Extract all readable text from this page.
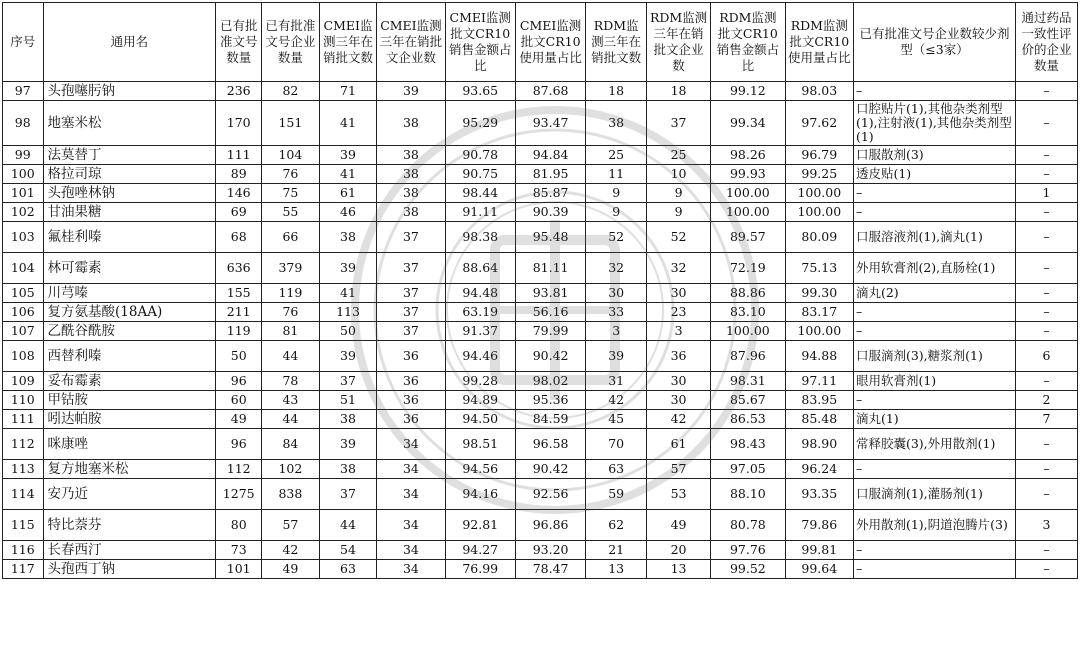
序号	通用名	已有批准文号数量	已有批准文号企业数量	CMEI监测三年在销批文数	CMEI监测三年在销批文企业数	CMEI监测批文CR10销售金额占比	CMEI监测批文CR10使用量占比	RDM监测三年在销批文数	RDM监测三年在销批文企业数	RDM监测批文CR10销售金额占比	RDM监测批文CR10使用量占比	已有批准文号企业数较少剂型（≤3家）	通过药品一致性评价的企业数量
97	头孢噻肟钠	236	82	71	39	93.65	87.68	18	18	99.12	98.03	–	–
98	地塞米松	170	151	41	38	95.29	93.47	38	37	99.34	97.62	口腔贴片(1),其他杂类剂型(1),注射液(1),其他杂类剂型(1)	–
99	法莫替丁	111	104	39	38	90.78	94.84	25	25	98.26	96.79	口服散剂(3)	–
100	格拉司琼	89	76	41	38	90.75	81.95	11	10	99.93	99.25	透皮贴(1)	–
101	头孢唑林钠	146	75	61	38	98.44	85.87	9	9	100.00	100.00	–	1
102	甘油果糖	69	55	46	38	91.11	90.39	9	9	100.00	100.00	–	–
103	氟桂利嗪	68	66	38	37	98.38	95.48	52	52	89.57	80.09	口服溶液剂(1),滴丸(1)	–
104	林可霉素	636	379	39	37	88.64	81.11	32	32	72.19	75.13	外用软膏剂(2),直肠栓(1)	–
105	川芎嗪	155	119	41	37	94.48	93.81	30	30	88.86	99.30	滴丸(2)	–
106	复方氨基酸(18AA)	211	76	113	37	63.19	56.16	33	23	83.10	83.17	–	–
107	乙酰谷酰胺	119	81	50	37	91.37	79.99	3	3	100.00	100.00	–	–
108	西替利嗪	50	44	39	36	94.46	90.42	39	36	87.96	94.88	口服滴剂(3),糖浆剂(1)	6
109	妥布霉素	96	78	37	36	99.28	98.02	31	30	98.31	97.11	眼用软膏剂(1)	–
110	甲钴胺	60	43	51	36	94.89	95.36	42	30	85.67	83.95	–	2
111	吲达帕胺	49	44	38	36	94.50	84.59	45	42	86.53	85.48	滴丸(1)	7
112	咪康唑	96	84	39	34	98.51	96.58	70	61	98.43	98.90	常释胶囊(3),外用散剂(1)	–
113	复方地塞米松	112	102	38	34	94.56	90.42	63	57	97.05	96.24	–	–
114	安乃近	1275	838	37	34	94.16	92.56	59	53	88.10	93.35	口服滴剂(1),灌肠剂(1)	–
115	特比萘芬	80	57	44	34	92.81	96.86	62	49	80.78	79.86	外用散剂(1),阴道泡腾片(3)	3
116	长春西汀	73	42	54	34	94.27	93.20	21	20	97.76	99.81	–	–
117	头孢西丁钠	101	49	63	34	76.99	78.47	13	13	99.52	99.64	–	–
